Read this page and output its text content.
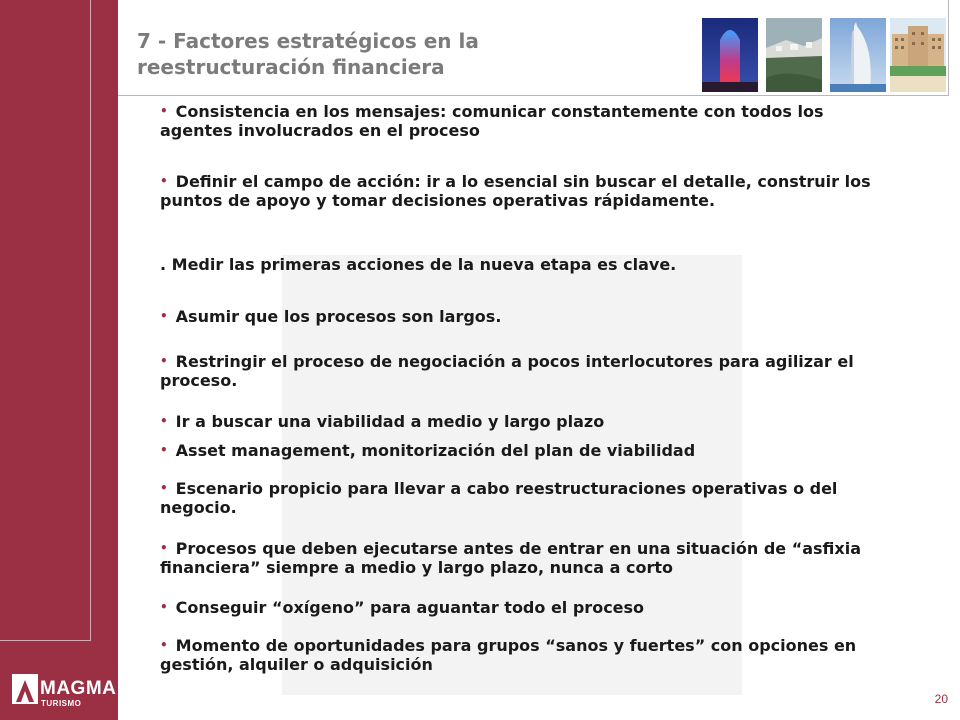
7 - Factores estratégicos en la
reestructuración financiera
• Consistencia en los mensajes: comunicar constantemente con todos los agentes involucrados en el proceso
• Definir el campo de acción: ir a lo esencial sin buscar el detalle, construir los puntos de apoyo y tomar decisiones operativas rápidamente.
. Medir las primeras acciones de la nueva etapa es clave.
• Asumir que los procesos son largos.
• Restringir el proceso de negociación a pocos interlocutores para agilizar el proceso.
• Ir a buscar una viabilidad a medio y largo plazo
• Asset management, monitorización del plan de viabilidad
• Escenario propicio para llevar a cabo reestructuraciones operativas o del negocio.
• Procesos que deben ejecutarse antes de entrar en una situación de “asfixia financiera” siempre a medio y largo plazo, nunca a corto
• Conseguir “oxígeno” para aguantar todo el proceso
• Momento de oportunidades para grupos “sanos y fuertes” con opciones en gestión, alquiler o adquisición
MAGMA
TURISMO	20
